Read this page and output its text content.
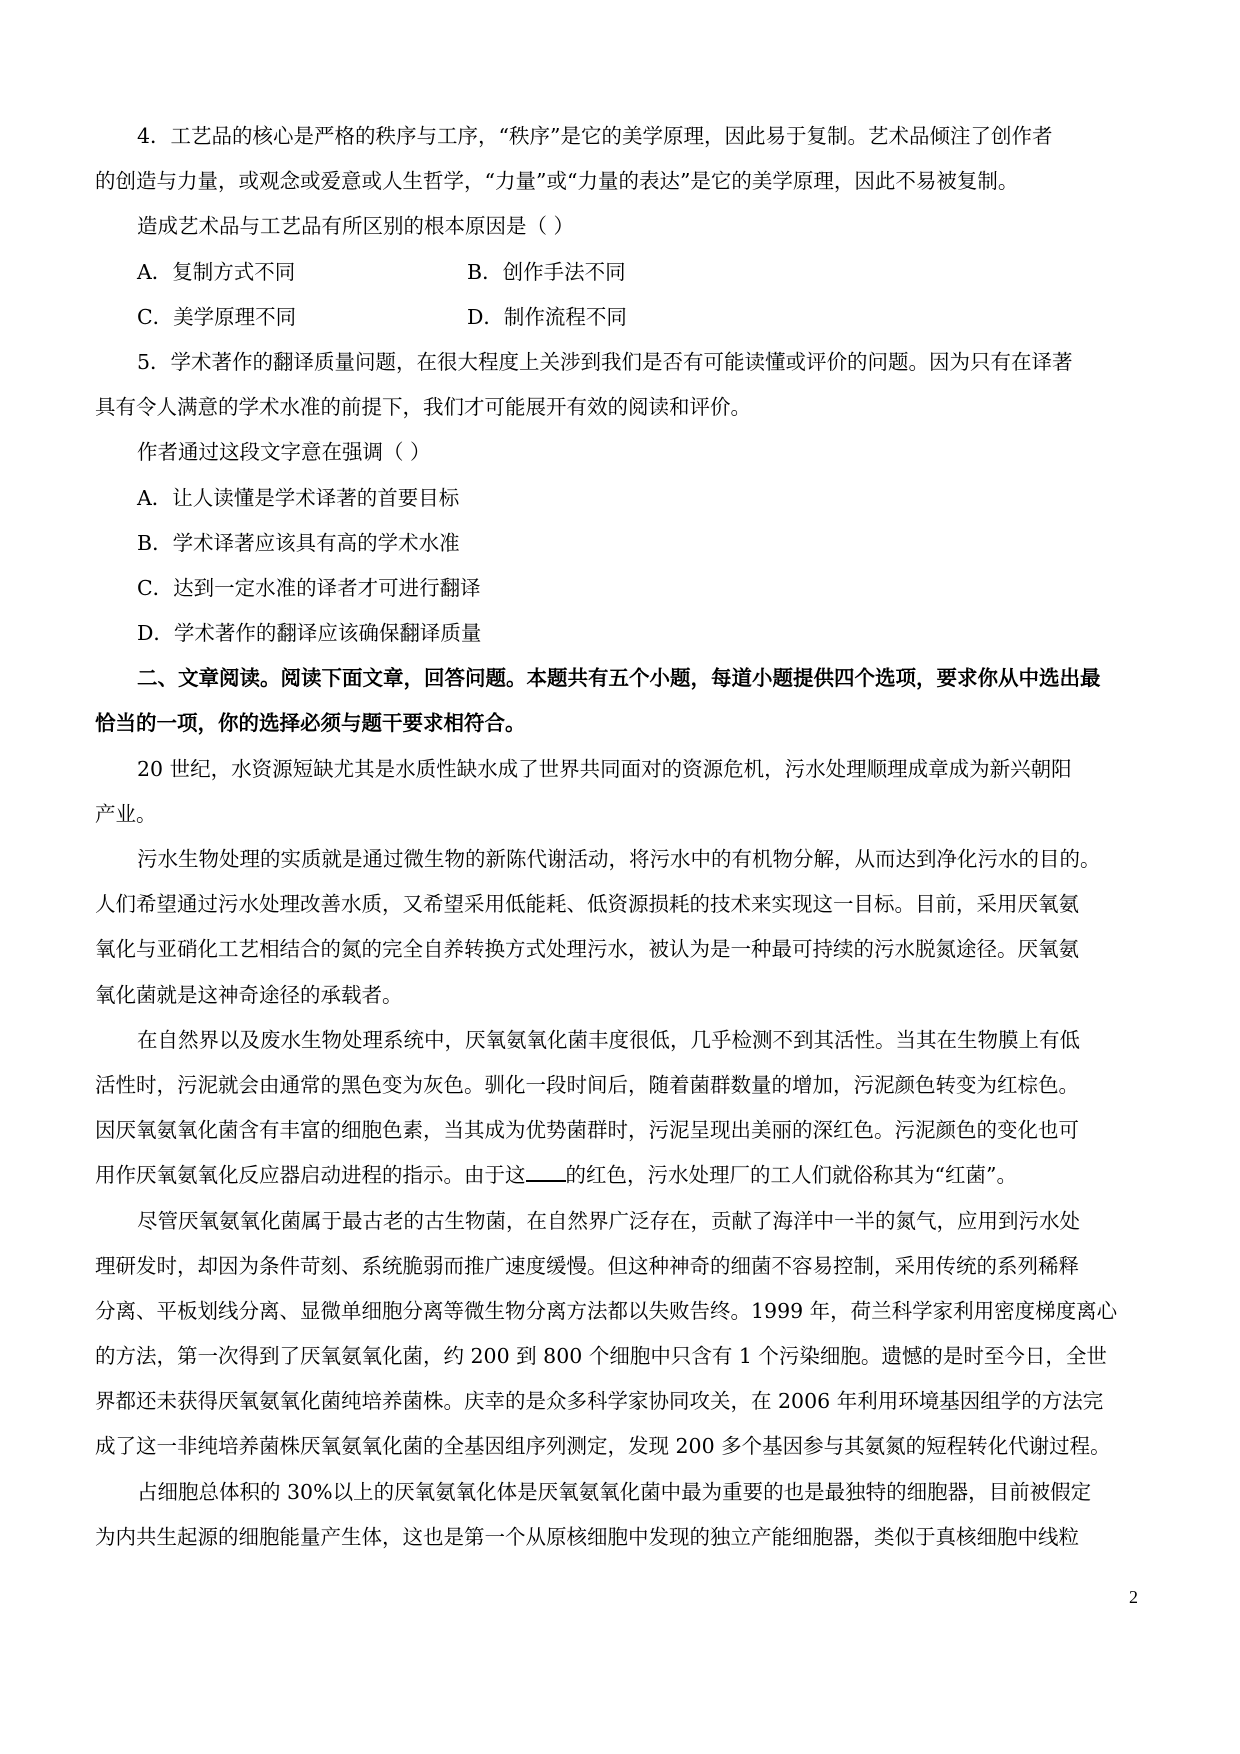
4．工艺品的核心是严格的秩序与工序，“秩序”是它的美学原理，因此易于复制。艺术品倾注了创作者
的创造与力量，或观念或爱意或人生哲学，“力量”或“力量的表达”是它的美学原理，因此不易被复制。
造成艺术品与工艺品有所区别的根本原因是（ ）
A．复制方式不同	B．创作手法不同
C．美学原理不同	D．制作流程不同
5．学术著作的翻译质量问题，在很大程度上关涉到我们是否有可能读懂或评价的问题。因为只有在译著
具有令人满意的学术水准的前提下，我们才可能展开有效的阅读和评价。
作者通过这段文字意在强调（ ）
A．让人读懂是学术译著的首要目标
B．学术译著应该具有高的学术水准
C．达到一定水准的译者才可进行翻译
D．学术著作的翻译应该确保翻译质量
二、文章阅读。阅读下面文章，回答问题。本题共有五个小题，每道小题提供四个选项，要求你从中选出最
恰当的一项，你的选择必须与题干要求相符合。
20 世纪，水资源短缺尤其是水质性缺水成了世界共同面对的资源危机，污水处理顺理成章成为新兴朝阳
产业。
污水生物处理的实质就是通过微生物的新陈代谢活动，将污水中的有机物分解，从而达到净化污水的目的。
人们希望通过污水处理改善水质，又希望采用低能耗、低资源损耗的技术来实现这一目标。目前，采用厌氧氨
氧化与亚硝化工艺相结合的氮的完全自养转换方式处理污水，被认为是一种最可持续的污水脱氮途径。厌氧氨
氧化菌就是这神奇途径的承载者。
在自然界以及废水生物处理系统中，厌氧氨氧化菌丰度很低，几乎检测不到其活性。当其在生物膜上有低
活性时，污泥就会由通常的黑色变为灰色。驯化一段时间后，随着菌群数量的增加，污泥颜色转变为红棕色。
因厌氧氨氧化菌含有丰富的细胞色素，当其成为优势菌群时，污泥呈现出美丽的深红色。污泥颜色的变化也可
用作厌氧氨氧化反应器启动进程的指示。由于这 的红色，污水处理厂的工人们就俗称其为“红菌”。
尽管厌氧氨氧化菌属于最古老的古生物菌，在自然界广泛存在，贡献了海洋中一半的氮气，应用到污水处
理研发时，却因为条件苛刻、系统脆弱而推广速度缓慢。但这种神奇的细菌不容易控制，采用传统的系列稀释
分离、平板划线分离、显微单细胞分离等微生物分离方法都以失败告终。1999 年，荷兰科学家利用密度梯度离心
的方法，第一次得到了厌氧氨氧化菌，约 200 到 800 个细胞中只含有 1 个污染细胞。遗憾的是时至今日，全世
界都还未获得厌氧氨氧化菌纯培养菌株。庆幸的是众多科学家协同攻关，在 2006 年利用环境基因组学的方法完
成了这一非纯培养菌株厌氧氨氧化菌的全基因组序列测定，发现 200 多个基因参与其氨氮的短程转化代谢过程。
占细胞总体积的 30%以上的厌氧氨氧化体是厌氧氨氧化菌中最为重要的也是最独特的细胞器，目前被假定
为内共生起源的细胞能量产生体，这也是第一个从原核细胞中发现的独立产能细胞器，类似于真核细胞中线粒
2
